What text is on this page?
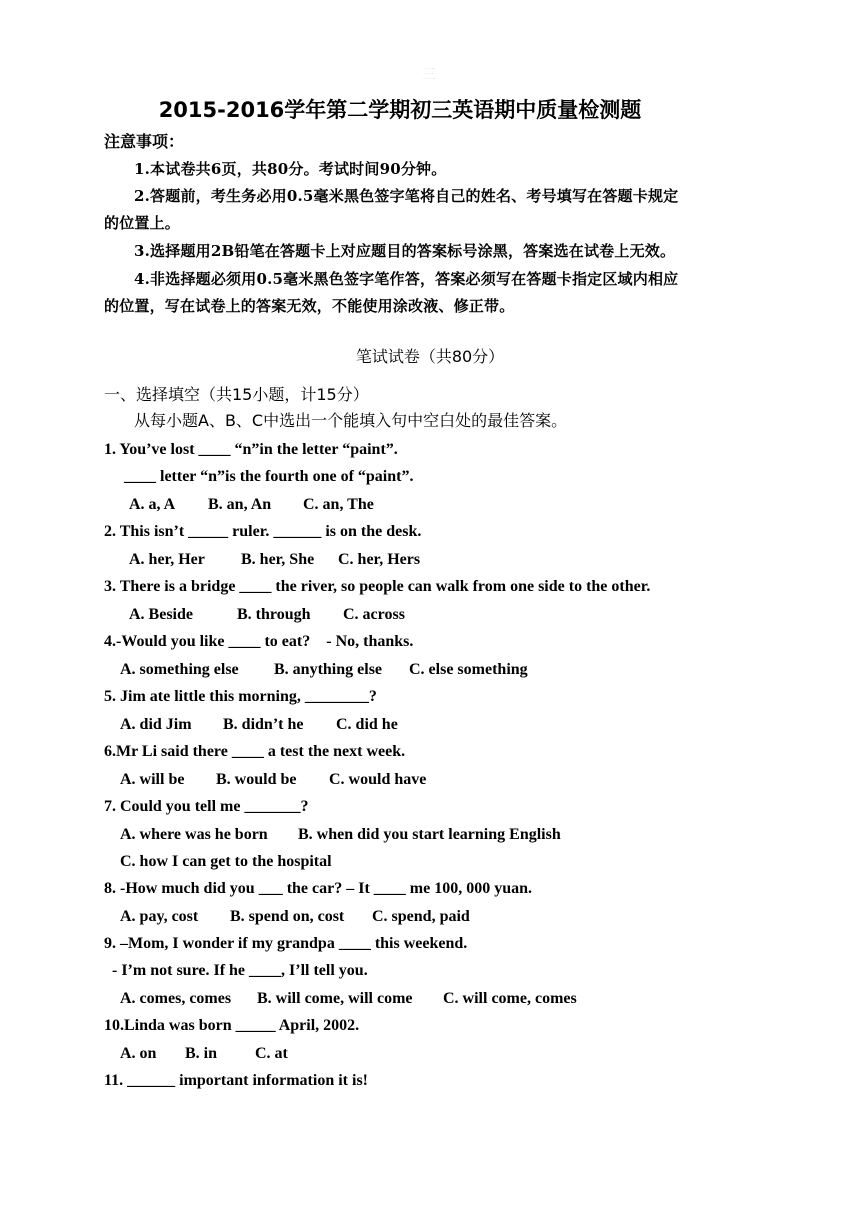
三
2015-2016学年第二学期初三英语期中质量检测题
注意事项：
1.本试卷共6页，共80分。考试时间90分钟。
2.答题前，考生务必用0.5毫米黑色签字笔将自己的姓名、考号填写在答题卡规定
的位置上。
3.选择题用2B铅笔在答题卡上对应题目的答案标号涂黑，答案选在试卷上无效。
4.非选择题必须用0.5毫米黑色签字笔作答，答案必须写在答题卡指定区域内相应
的位置，写在试卷上的答案无效，不能使用涂改液、修正带。
笔试试卷（共80分）
一、选择填空（共15小题，计15分）
从每小题A、B、C中选出一个能填入句中空白处的最佳答案。
1. You’ve lost ____ “n”in the letter “paint”.
____ letter “n”is the fourth one of “paint”.
A. a, A B. an, An C. an, The
2. This isn’t _____ ruler. ______ is on the desk.
A. her, Her B. her, She C. her, Hers
3. There is a bridge ____ the river, so people can walk from one side to the other.
A. Beside	B. through C. across
4.-Would you like ____ to eat?    - No, thanks.
A. something else B. anything else C. else something
5. Jim ate little this morning, ________?
A. did Jim B. didn’t he C. did he
6.Mr Li said there ____ a test the next week.
A. will be B. would be C. would have
7. Could you tell me _______?
A. where was he born B. when did you start learning English
C. how I can get to the hospital
8. -How much did you ___ the car? – It ____ me 100, 000 yuan.
A. pay, cost B. spend on, cost C. spend, paid
9. –Mom, I wonder if my grandpa ____ this weekend.
- I’m not sure. If he ____, I’ll tell you.
A. comes, comes B. will come, will come C. will come, comes
10.Linda was born _____ April, 2002.
A. on B. in C. at
11. ______ important information it is!
